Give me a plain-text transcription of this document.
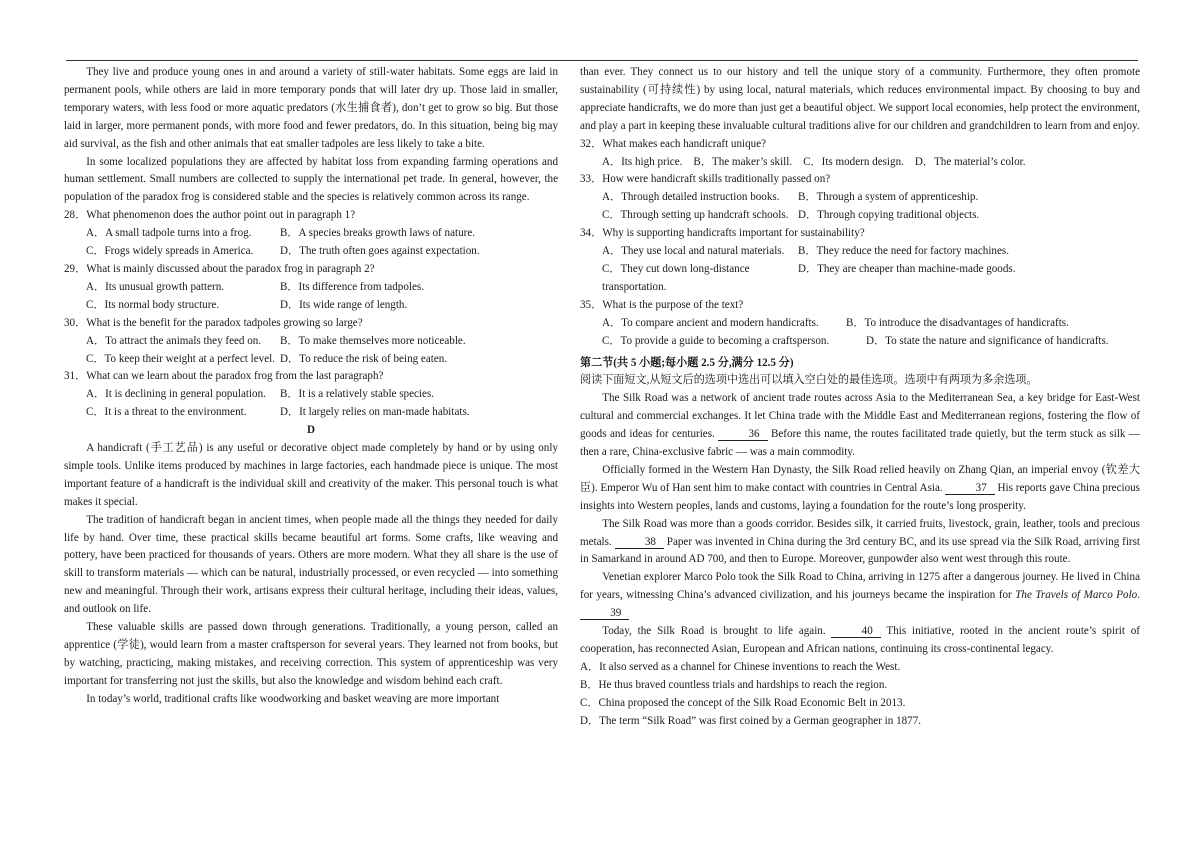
They live and produce young ones in and around a variety of still-water habitats. Some eggs are laid in permanent pools, while others are laid in more temporary ponds that will later dry up. Those laid in smaller, temporary waters, with less food or more aquatic predators (水生捕食者), don’t get to grow so big. But those laid in larger, more permanent ponds, with more food and fewer predators, do. In this situation, being big may aid survival, as the fish and other animals that eat smaller tadpoles are less likely to take a bite.

In some localized populations they are affected by habitat loss from expanding farming operations and human settlement. Small numbers are collected to supply the international pet trade. In general, however, the population of the paradox frog is considered stable and the species is relatively common across its range.

28．What phenomenon does the author point out in paragraph 1?

A．A small tadpole turns into a frog.	B．A species breaks growth laws of nature.
C．Frogs widely spreads in America.	D．The truth often goes against expectation.

29．What is mainly discussed about the paradox frog in paragraph 2?

A．Its unusual growth pattern.	B．Its difference from tadpoles.
C．Its normal body structure.	D．Its wide range of length.

30．What is the benefit for the paradox tadpoles growing so large?

A．To attract the animals they feed on.	B．To make themselves more noticeable.
C．To keep their weight at a perfect level. D．To reduce the risk of being eaten.

31．What can we learn about the paradox frog from the last paragraph?

A．It is declining in general population.	B．It is a relatively stable species.
C．It is a threat to the environment.	D．It largely relies on man-made habitats.

D

A handicraft (手工艺品) is any useful or decorative object made completely by hand or by using only simple tools. Unlike items produced by machines in large factories, each handmade piece is unique. The most important feature of a handicraft is the individual skill and creativity of the maker. This personal touch is what makes it special.

The tradition of handicraft began in ancient times, when people made all the things they needed for daily life by hand. Over time, these practical skills became beautiful art forms. Some crafts, like weaving and pottery, have been practiced for thousands of years. Others are more modern. What they all share is the use of skill to transform materials — which can be natural, industrially processed, or even recycled — into something new and meaningful. Through their work, artisans express their cultural heritage, including their ideas, values, and outlook on life.

These valuable skills are passed down through generations. Traditionally, a young person, called an apprentice (学徒), would learn from a master craftsperson for several years. They learned not from books, but by watching, practicing, making mistakes, and receiving correction. This system of apprenticeship was very important for transferring not just the skills, but also the knowledge and wisdom behind each craft.

In today’s world, traditional crafts like woodworking and basket weaving are more important

than ever. They connect us to our history and tell the unique story of a community. Furthermore, they often promote sustainability (可持续性) by using local, natural materials, which reduces environmental impact. By choosing to buy and appreciate handicrafts, we do more than just get a beautiful object. We support local economies, help protect the environment, and play a part in keeping these invaluable cultural traditions alive for our children and grandchildren to learn from and enjoy.

32．What makes each handicraft unique?

A．Its high price. B．The maker’s skill. C．Its modern design. D．The material’s color.

33．How were handicraft skills traditionally passed on?

A．Through detailed instruction books.	B．Through a system of apprenticeship.
C．Through setting up handcraft schools. D．Through copying traditional objects.

34．Why is supporting handicrafts important for sustainability?

A．They use local and natural materials.	B．They reduce the need for factory machines.
C．They cut down long-distance transportation.
D．They are cheaper than machine-made goods.

35．What is the purpose of the text?

A．To compare ancient and modern handicrafts.	B．To introduce the disadvantages of handicrafts.
C．To provide a guide to becoming a craftsperson.	D．To state the nature and significance of handicrafts.

第二节(共 5 小题;每小题 2.5 分,满分 12.5 分)

阅读下面短文,从短文后的选项中选出可以填入空白处的最佳选项。选项中有两项为多余选项。

The Silk Road was a network of ancient trade routes across Asia to the Mediterranean Sea, a key bridge for East-West cultural and commercial exchanges. It let China trade with the Middle East and Mediterranean regions, fostering the flow of goods and ideas for centuries.	36 Before this name, the routes facilitated trade quietly, but the term stuck as silk — then a rare, China-exclusive fabric — was a main commodity.

Officially formed in the Western Han Dynasty, the Silk Road relied heavily on Zhang Qian, an imperial envoy (钦差大臣). Emperor Wu of Han sent him to make contact with countries in Central Asia.	37 His reports gave China precious insights into Western peoples, lands and customs, laying a foundation for the route’s long prosperity.

The Silk Road was more than a goods corridor. Besides silk, it carried fruits, livestock, grain, leather, tools and precious metals.	38 Paper was invented in China during the 3rd century BC, and its use spread via the Silk Road, arriving first in Samarkand in around AD 700, and then to Europe. Moreover, gunpowder also went west through this route.

Venetian explorer Marco Polo took the Silk Road to China, arriving in 1275 after a dangerous journey. He lived in China for years, witnessing China’s advanced civilization, and his journeys became the inspiration for The Travels of Marco Polo. 39

Today, the Silk Road is brought to life again.	40 This initiative, rooted in the ancient route’s spirit of cooperation, has reconnected Asian, European and African nations, continuing its cross-continental legacy.

A．It also served as a channel for Chinese inventions to reach the West.

B．He thus braved countless trials and hardships to reach the region.

C．China proposed the concept of the Silk Road Economic Belt in 2013.

D．The term “Silk Road” was first coined by a German geographer in 1877.
